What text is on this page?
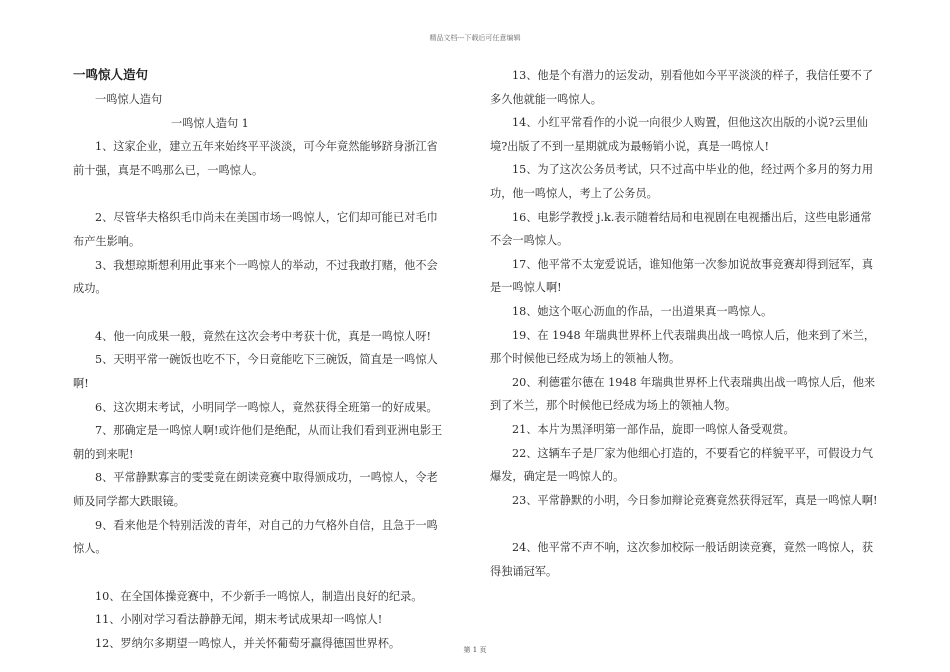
精品文档---下载后可任意编辑
一鸣惊人造句

一鸣惊人造句

一鸣惊人造句 1

1、这家企业，建立五年来始终平平淡淡，可今年竟然能够跻身浙江省前十强，真是不鸣那么已，一鸣惊人。

2、尽管华夫格织毛巾尚未在美国市场一鸣惊人，它们却可能已对毛巾布产生影响。

3、我想琼斯想利用此事来个一鸣惊人的举动，不过我敢打赌，他不会成功。

4、他一向成果一般，竟然在这次会考中考获十优，真是一鸣惊人呀!

5、天明平常一碗饭也吃不下，今日竟能吃下三碗饭，简直是一鸣惊人啊!

6、这次期末考试，小明同学一鸣惊人，竟然获得全班第一的好成果。

7、那确定是一鸣惊人啊!或许他们是绝配，从而让我们看到亚洲电影王朝的到来呢!

8、平常静默寡言的雯雯竟在朗读竞赛中取得颁成功，一鸣惊人，令老师及同学都大跌眼镜。

9、看来他是个特别活泼的青年，对自己的力气格外自信，且急于一鸣惊人。

10、在全国体操竞赛中，不少新手一鸣惊人，制造出良好的纪录。

11、小刚对学习看法静静无闻，期末考试成果却一鸣惊人!

12、罗纳尔多期望一鸣惊人，并关怀葡萄牙赢得德国世界杯。

13、他是个有潜力的运发动，别看他如今平平淡淡的样子，我信任要不了多久他就能一鸣惊人。

14、小红平常看作的小说一向很少人购置，但他这次出版的小说?云里仙境?出版了不到一星期就成为最畅销小说，真是一鸣惊人!

15、为了这次公务员考试，只不过高中毕业的他，经过两个多月的努力用功，他一鸣惊人，考上了公务员。

16、电影学教授 j.k.表示随着结局和电视剧在电视播出后，这些电影通常不会一鸣惊人。

17、他平常不太宠爱说话，谁知他第一次参加说故事竞赛却得到冠军，真是一鸣惊人啊!

18、她这个呕心沥血的作品，一出道果真一鸣惊人。

19、在 1948 年瑞典世界杯上代表瑞典出战一鸣惊人后，他来到了米兰，那个时候他已经成为场上的领袖人物。

20、利德霍尔德在 1948 年瑞典世界杯上代表瑞典出战一鸣惊人后，他来到了米兰，那个时候他已经成为场上的领袖人物。

21、本片为黑泽明第一部作品，旋即一鸣惊人备受观赏。

22、这辆车子是厂家为他细心打造的，不要看它的样貌平平，可假设力气爆发，确定是一鸣惊人的。

23、平常静默的小明，今日参加辩论竞赛竟然获得冠军，真是一鸣惊人啊!

24、他平常不声不响，这次参加校际一般话朗读竞赛，竟然一鸣惊人，获得独诵冠军。

第 1 页
